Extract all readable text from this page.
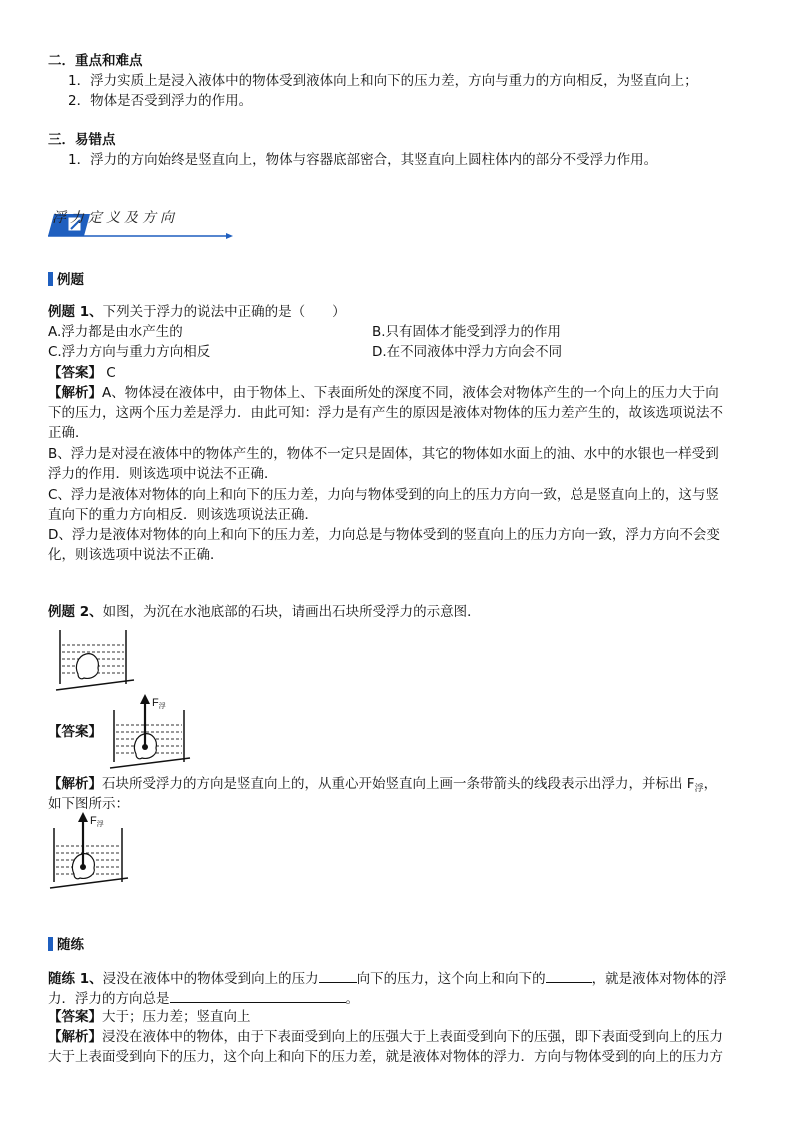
二．重点和难点
1．浮力实质上是浸入液体中的物体受到液体向上和向下的压力差，方向与重力的方向相反，为竖直向上；
2．物体是否受到浮力的作用。
三．易错点
1．浮力的方向始终是竖直向上，物体与容器底部密合，其竖直向上圆柱体内的部分不受浮力作用。
浮力定义及方向
例题
例题 1、下列关于浮力的说法中正确的是（　　）
A.浮力都是由水产生的	B.只有固体才能受到浮力的作用
C.浮力方向与重力方向相反	D.在不同液体中浮力方向会不同
【答案】 C
【解析】A、物体浸在液体中，由于物体上、下表面所处的深度不同，液体会对物体产生的一个向上的压力大于向
下的压力，这两个压力差是浮力．由此可知：浮力是有产生的原因是液体对物体的压力差产生的，故该选项说法不
正确．
B、浮力是对浸在液体中的物体产生的，物体不一定只是固体，其它的物体如水面上的油、水中的水银也一样受到
浮力的作用．则该选项中说法不正确．
C、浮力是液体对物体的向上和向下的压力差，力向与物体受到的向上的压力方向一致，总是竖直向上的，这与竖
直向下的重力方向相反．则该选项说法正确．
D、浮力是液体对物体的向上和向下的压力差，力向总是与物体受到的竖直向上的压力方向一致，浮力方向不会变
化，则该选项中说法不正确．
例题 2、如图，为沉在水池底部的石块，请画出石块所受浮力的示意图．
【答案】
F浮
【解析】石块所受浮力的方向是竖直向上的，从重心开始竖直向上画一条带箭头的线段表示出浮力，并标出 $F_浮$，
如下图所示：
F浮
随练
随练 1、浸没在液体中的物体受到向上的压力	向下的压力，这个向上和向下的	，就是液体对物体的浮
力．浮力的方向总是	。
【答案】大于；压力差；竖直向上
【解析】浸没在液体中的物体，由于下表面受到向上的压强大于上表面受到向下的压强，即下表面受到向上的压力
大于上表面受到向下的压力，这个向上和向下的压力差，就是液体对物体的浮力．方向与物体受到的向上的压力方
